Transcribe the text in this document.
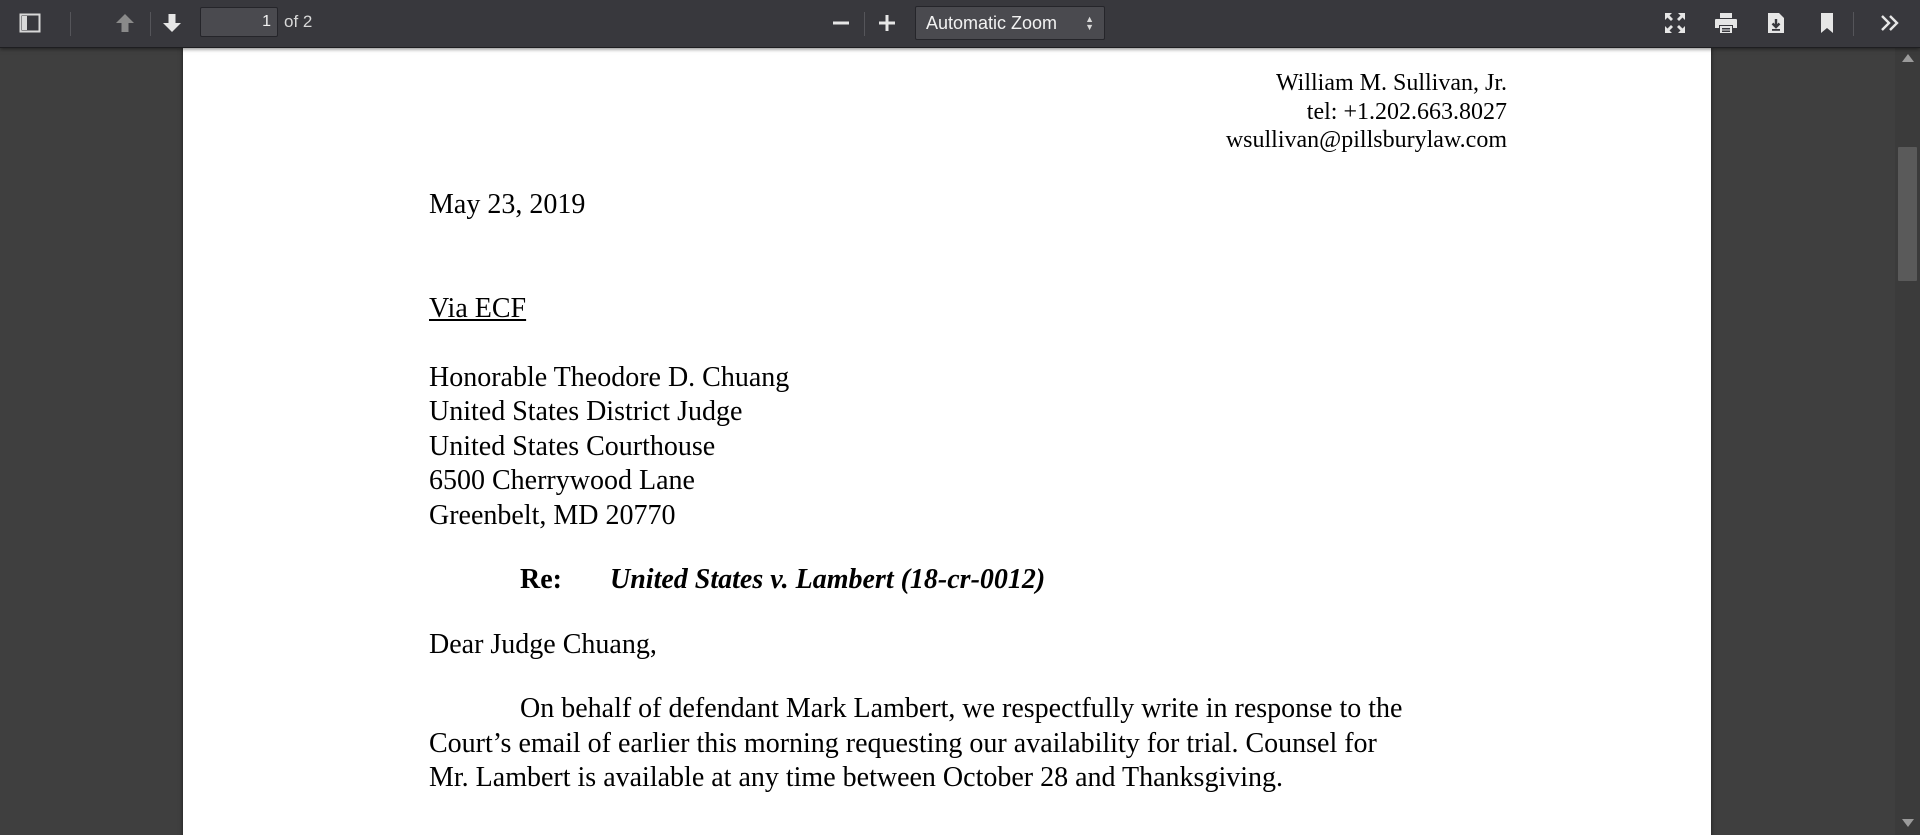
1
of 2	Automatic Zoom	▲
▼
William M. Sullivan, Jr.
tel: +1.202.663.8027
wsullivan@pillsburylaw.com
May 23, 2019
Via ECF
Honorable Theodore D. Chuang
United States District Judge
United States Courthouse
6500 Cherrywood Lane
Greenbelt, MD 20770
Re: United States v. Lambert (18-cr-0012)
Dear Judge Chuang,
On behalf of defendant Mark Lambert, we respectfully write in response to the
Court’s email of earlier this morning requesting our availability for trial. Counsel for
Mr. Lambert is available at any time between October 28 and Thanksgiving.
